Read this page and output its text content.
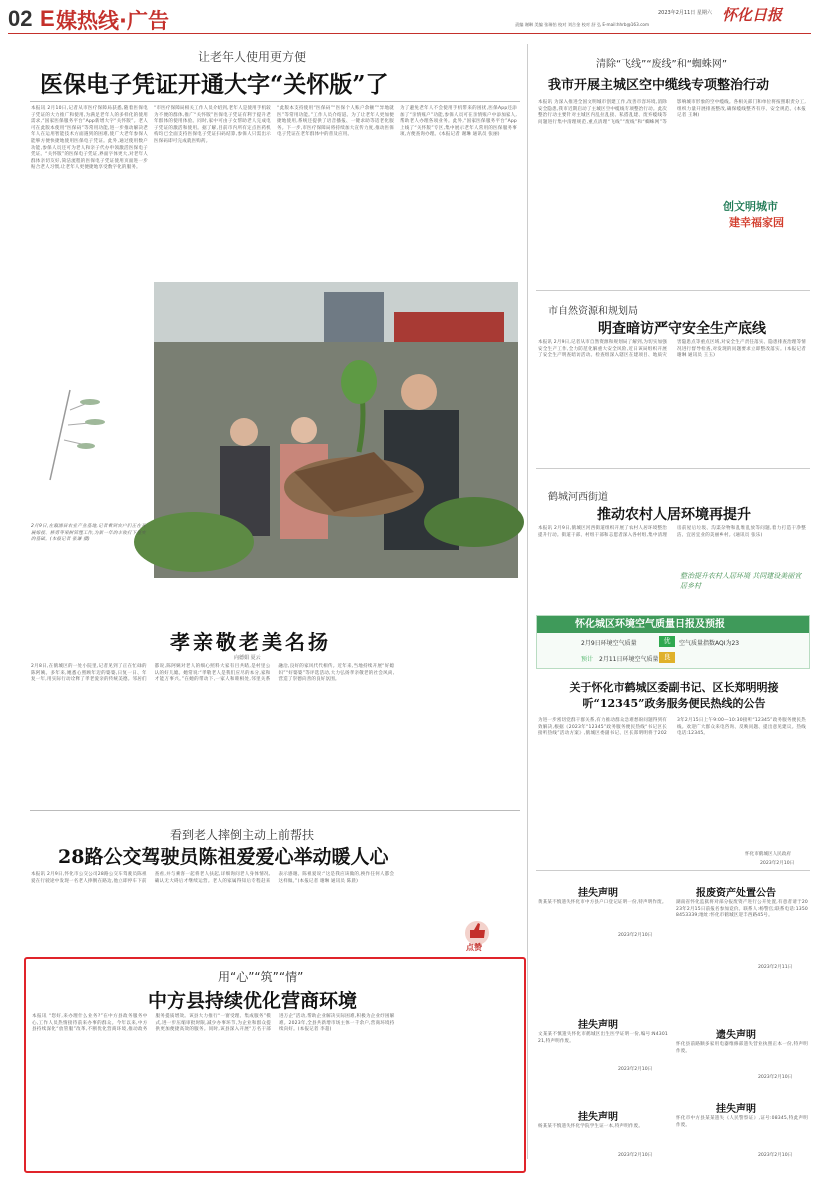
02 E 媒热线·广告	2023年2月11日 星期六 怀化日报
责编 谢琳 美编 张瑞怡 校对 刘合金 校对 舒 弘 E-mail:hhrb@163.com
让老年人使用更方便
医保电子凭证开通大字“关怀版”了
本报讯 2月10日,记者从市医疗保障局获悉,随着医保电子凭证的大力推广和使用,为满足老年人的多样化的使用需求,“国家医保服务平台”App新增大字“关怀版”。老人可在此版本使用“医保码”等常用功能,进一步推动解决老年人在运用智能技术方面遇到的困难,使广大老年参保人能够方便快捷地使用医保电子凭证。此外,通过使用数户功能,参保人员还可为老人和亲子代办申领激活医保电子凭证。“关怀版”的医保电子凭证,界面字体更大,对老年人群体亲切友好,简洁流程的医保电子凭证使用页面进一步贴合老人习惯,让老年人更便捷地享受数字化的服务。
“市医疗保障局相关工作人员介绍到,老年人是使用手机较为不便的群体,推广“关怀版”医保电子凭证有利于提升老年群体的使用体验。同时,家中可由子女帮助老人完成电子凭证的激活和使用。据了解,目前市内所有定点医药机构均已全面支持医保电子凭证扫码结算,参保人只需出示医保码即可完成就医购药。
“此版本支持使用“医保码”“医保个人账户余额”“异地就医”等常用功能。”工作人员介绍道。为了让老年人更加便捷地使用,系统还提供了语音播报、一键求助等适老化服务。下一步,市医疗保障局将持续加大宣传力度,推动医保电子凭证在老年群体中的普及应用。
为了避免老年人不会使用手机带来的困扰,医保App还添加了“亲情账户”功能,参保人员可在亲情账户中添加家人,帮助老人办理各项业务。此外,“国家医保服务平台”App上线了“关怀版”专区,集中展示老年人常用的医保服务事项,方便查询办理。(本报记者 谢琳 通讯员 张丽)
清除“飞线”“废线”和“蜘蛛网”
我市开展主城区空中缆线专项整治行动
本报讯 为深入推进全国文明城市创建工作,改善市容环境,消除安全隐患,我市近期启动了主城区空中缆线专项整治行动。此次整治行动主要针对主城区内乱拉乱接、私搭乱建、废弃缆线等问题进行集中清理规范,重点清理“飞线”“废线”和“蜘蛛网”等影响城市形象的空中缆线。各相关部门和单位将按照职责分工,组织力量开展排查整改,确保缆线整齐有序、安全规范。(本报记者 王琳)
创文明城市
建幸福家园
2月9日,在溆浦县农业产业基地,记者看到农户们正在开展嫁接、修剪等果树管理工作,为新一年的丰收打下坚实的基础。(本报记者 张谦 摄)
市自然资源和规划局
明查暗访严守安全生产底线
本报讯 2月9日,记者从市自然资源和规划局了解到,为切实加强安全生产工作,全力防范化解重大安全风险,近日该局组织开展了安全生产明查暗访活动。检查组深入辖区在建项目、地质灾害隐患点等重点区域,对安全生产责任落实、隐患排查治理等情况进行督导检查,对发现的问题要求立即整改落实。(本报记者 谢琳 通讯员 王玉)
鹤城河西街道
推动农村人居环境再提升
本报讯 2月9日,鹤城区河西街道组织开展了农村人居环境整治提升行动。街道干部、村组干部和志愿者深入各村组,集中清理房前屋后垃圾、沟渠杂物和乱堆乱放等问题,着力打造干净整洁、宜居宜业的美丽乡村。(通讯员 张乐)
整治提升农村人居环境 共同建设美丽宜居乡村
怀化城区环境空气质量日报及预报
2月9日环境空气质量	优	空气质量指数AQI为23
预计 2月11日环境空气质量 良
孝亲敬老美名扬
向德娟 夏云
2月8日,在鹤城区的一处小院里,记者见到了正在忙碌的陈阿姨。多年来,她悉心照顾年迈的婆婆,日复一日、年复一年,用实际行动诠释了孝老爱亲的传统美德。邻居们都说,陈阿姨对老人的细心照料大家有目共睹,是村里公认的好儿媳。她常说:“孝敬老人是我们应尽的本分,家和才能万事兴。”在她的带动下,一家人和睦相处,邻里关系融洽,良好的家风代代相传。近年来,当地持续开展“好媳妇”“好婆婆”等评选活动,大力弘扬孝亲敬老的社会风尚,营造了崇德向善的良好氛围。
关于怀化市鹤城区委副书记、区长郑明明接听“12345”政务服务便民热线的公告
为进一步密切党群干群关系,有力推动群众急难愁盼问题得到有效解决,根据《2023年“12345”政务服务便民热线“书记区长接听热线”活动方案》,鹤城区委副书记、区长郑明明将于2023年2月15日上午9:00—10:30接听“12345”政务服务便民热线。欢迎广大群众来电咨询、反映问题、提出意见建议。热线电话:12345。
怀化市鹤城区人民政府
2023年2月10日
看到老人摔倒主动上前帮扶
28路公交驾驶员陈祖爱爱心举动暖人心
本报讯 2月9日,怀化市公交公司28路公交车驾驶员陈祖爱在行驶途中发现一名老人摔倒在路边,他立即停车下前查看,并与乘客一起将老人扶起,详细询问老人身体情况,确认无大碍后才继续运营。老人的家属得知后专程赶来表示感谢。陈祖爱说:“这是我应该做的,换作任何人都会这样做。”(本报记者 谢琳 通讯员 陈晨)
点赞
用“心”“筑”“情”
中方县持续优化营商环境
本报讯 “您好,来办理什么业务?”在中方县政务服务中心,工作人员热情接待前来办事的群众。今年以来,中方县持续深化“放管服”改革,不断优化营商环境,推动政务服务提质增效。该县大力推行“一窗受理、集成服务”模式,进一步压缩审批时限,减少办事环节,为企业和群众提供更加便捷高效的服务。同时,该县深入开展“万名干部进万企”活动,帮助企业解决实际困难,积极为企业纾困解难。2023年,全县共新增市场主体一千余户,营商环境持续向好。(本报记者 李超)
挂失声明
黄某某不慎遗失怀化市中方县户口登记证明一份,特声明作废。
2023年2月10日
挂失声明
文某某不慎遗失怀化市鹤城区出生医学证明一份,编号:N430121,特声明作废。
2023年2月10日
挂失声明
杨某某不慎遗失怀化学院学生证一本,特声明作废。
2023年2月10日
报废资产处置公告
湖南省怀化监狱将对部分报废资产进行公开处置,有意者请于2023年2月15日前报名参加竞价。联系人:杨警官;联系电话:13508453339;地址:怀化市鹤城区迎丰西路45号。
2023年2月11日
遗失声明
怀化县前路顺多家用电器维修部遗失营业执照正本一份,特声明作废。
2023年2月10日
挂失声明
怀化市中方县某某遗失《人民警察证》,证号:08345,特此声明作废。
2023年2月10日
